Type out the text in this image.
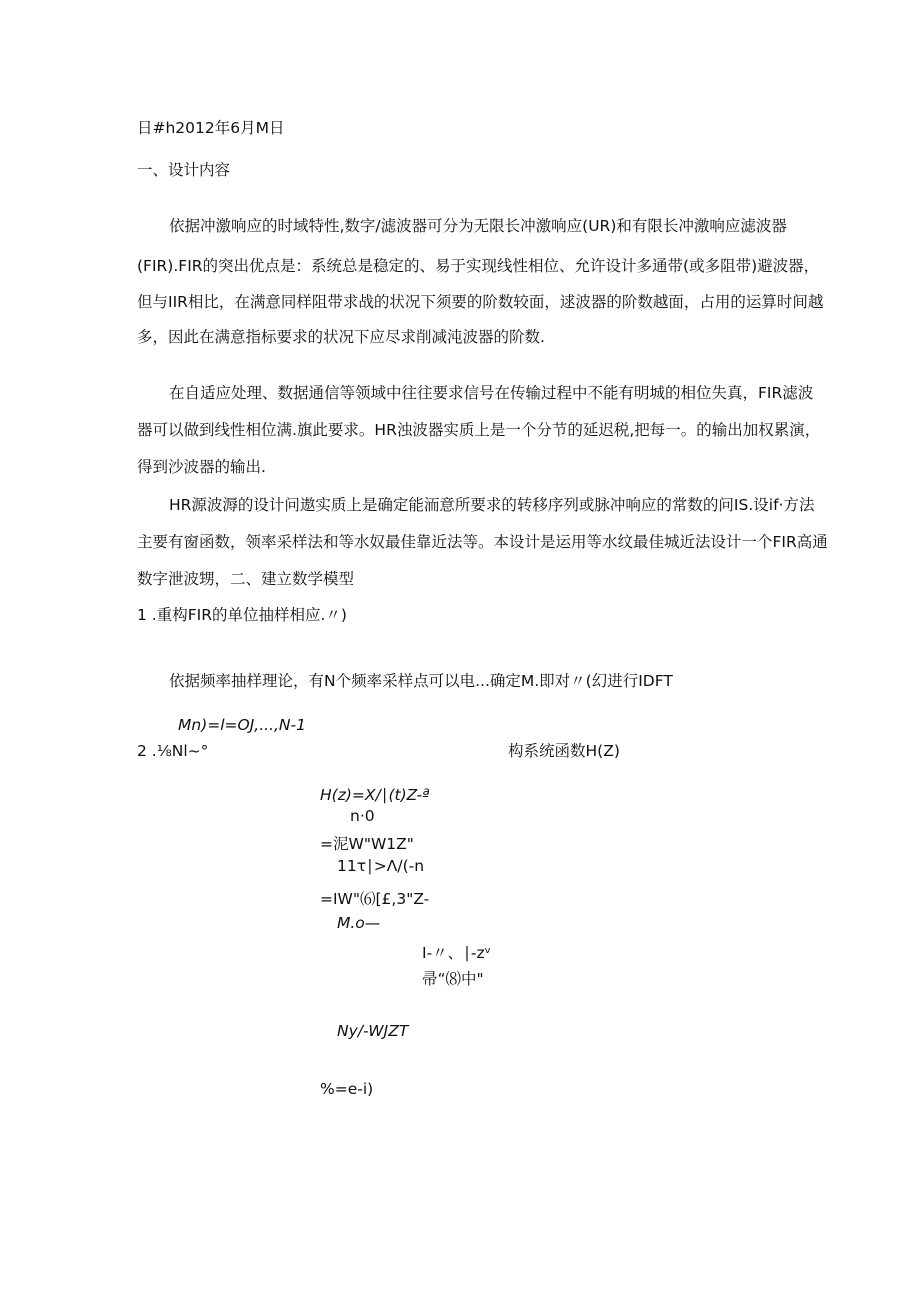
日#h2012年6月M日
一、设计内容
依据冲激响应的时域特性,数字/滤波器可分为无限长冲激响应(UR)和有限长冲激响应滤波器
(FIR).FIR的突出优点是：系统总是稳定的、易于实现线性相位、允许设计多通带(或多阻带)避波器，
但与IIR相比，在满意同样阻带求战的状况下须要的阶数较面，逑波器的阶数越面，占用的运算时间越
多，因此在满意指标要求的状况下应尽求削减沌波器的阶数.
在自适应处理、数据通信等领域中往往要求信号在传输过程中不能有明城的相位失真，FIR滤波
器可以做到线性相位满.旗此要求。HR浊波器实质上是一个分节的延迟税,把每一。的输出加权累演，
得到沙波器的输出.
HR源波溽的设计问遨实质上是确定能洏意所要求的转移序列或脉冲响应的常数的问IS.设if·方法
主要有窗函数，领率采样法和等水奴最佳靠近法等。本设计是运用等水纹最佳城近法设计一个FIR高通
数字泄波甥，二、建立数学模型
1 .重构FIR的单位抽样相应.〃)
依据频率抽样理论，有N个频率采样点可以电...确定M.即对〃(幻进行IDFT
Mn)=l=OJ,...,N-1
2 .⅛Nl~°	构系统函数H(Z)
H(z)=X/∣(t)Z-ª
n·0
=泥W"W1Z"
11τ∣>Λ∕(-n
=IW"⑹[£,3"Z-
M.o—
I-〃、∣-zᵛ
帚“⑻中"
Ny∕-WJZT
%=e-i)
